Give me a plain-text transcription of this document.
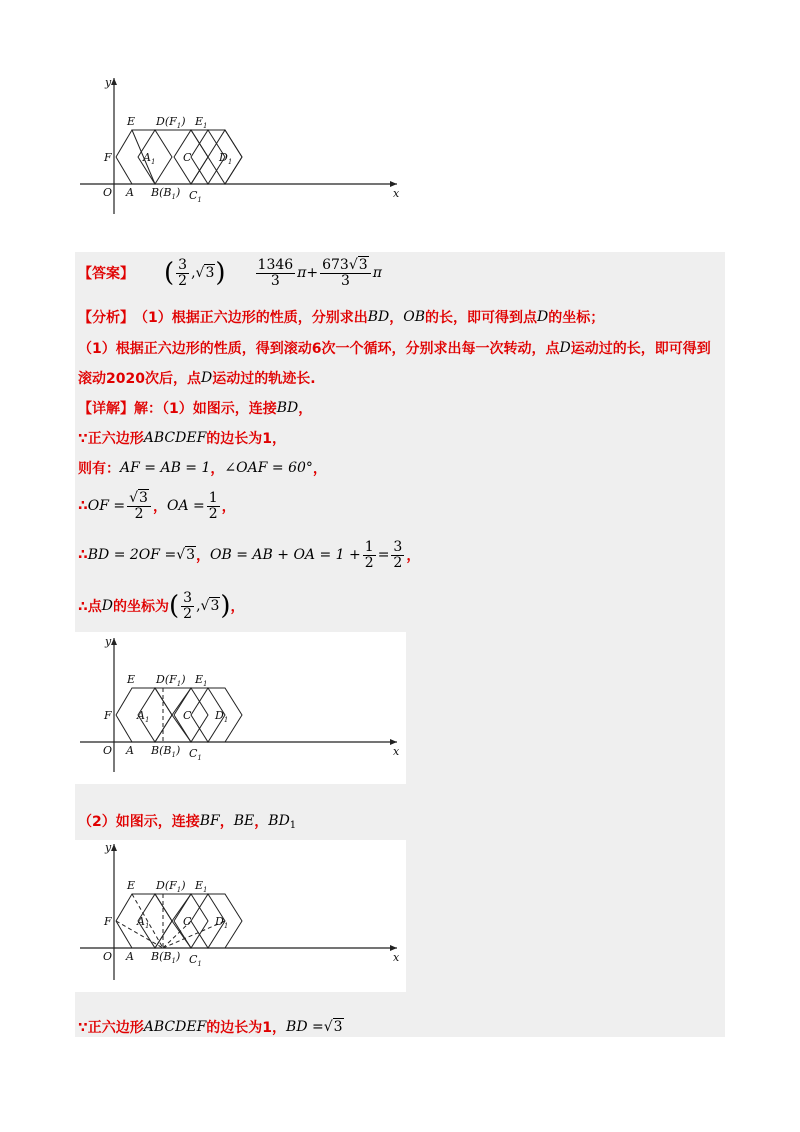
y
x
O
F
E
A
$A_1$
$B(B_1)$
$D(F_1)$ $E_1$
C
$C_1$
$D_1$
【答案】 ( $\frac{3}{2}$ , √3 ) $\frac{1346}{3}$ $\pi + \frac{673√3}{3}$ π
【分析】 （1）根据正六边形的性质，分别求出 BD ， OB 的长，即可得到点 D 的坐标；
（1）根据正六边形的性质，得到滚动6次一个循环，分别求出每一次转动，点 D 运动过的长，即可得到
滚动2020次后，点 D 运动过的轨迹长.
【详解】 解：（1）如图示，连接 BD ，
∵正六边形 ABCDEF 的边长为1，
则有： AF = AB = 1 ， ∠OAF = 60° ，
∴ OF = $\frac{√3}{2}$ ， OA = $\frac{1}{2}$ ，
∴ BD = 2OF = √3 ， OB = AB + OA = $1 + \frac{1}{2} = \frac{3}{2}$ ，
∴点 D 的坐标为 ( $\frac{3}{2}$ , √3 ) ，
y
x
O
F
E
A
$A_1$
$B(B_1)$
$D(F_1)$ $E_1$
C
$C_1$
$D_1$
（2）如图示，连接 BF ， BE ， BD 1
y
x
O
F
E
A
$A_1$
$B(B_1)$
$D(F_1)$ $E_1$
C
$C_1$
$D_1$
∵正六边形 ABCDEF 的边长为1， BD = √3
